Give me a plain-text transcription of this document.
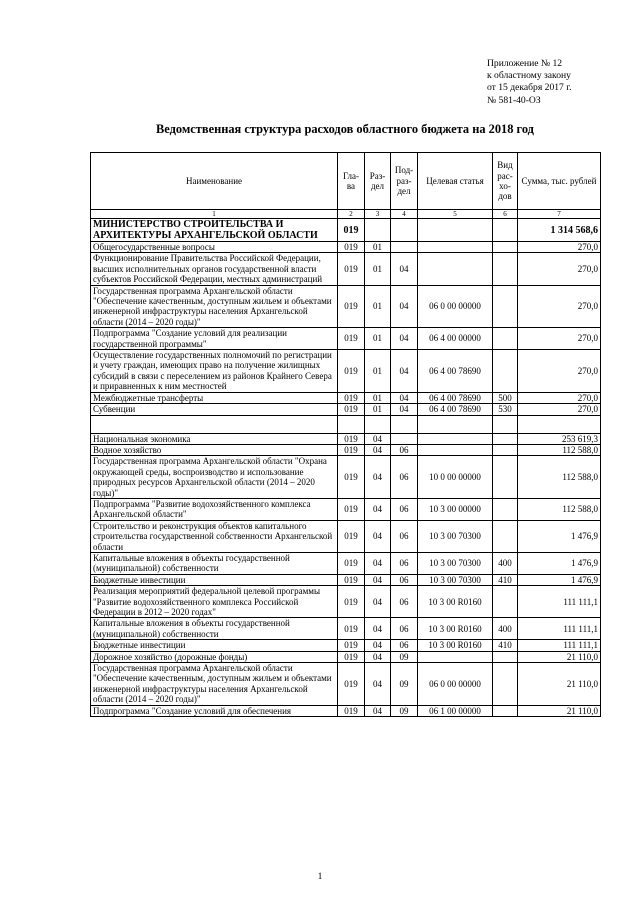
Приложение № 12
к областному закону
от 15 декабря 2017 г.
№ 581-40-ОЗ
Ведомственная структура расходов областного бюджета на 2018 год
Наименование	Гла-ва	Раз-дел	Под-раз-дел	Целевая статья	Вид рас-хо-дов	Сумма, тыс. рублей
1	2	3	4	5	6	7
МИНИСТЕРСТВО СТРОИТЕЛЬСТВА И АРХИТЕКТУРЫ АРХАНГЕЛЬСКОЙ ОБЛАСТИ	019					1 314 568,6
Общегосударственные вопросы	019	01				270,0
Функционирование Правительства Российской Федерации, высших исполнительных органов государственной власти субъектов Российской Федерации, местных администраций	019	01	04			270,0
Государственная программа Архангельской области "Обеспечение качественным, доступным жильем и объектами инженерной инфраструктуры населения Архангельской области (2014 – 2020 годы)"	019	01	04	06 0 00 00000		270,0
Подпрограмма "Создание условий для реализации государственной программы"	019	01	04	06 4 00 00000		270,0
Осуществление государственных полномочий по регистрации и учету граждан, имеющих право на получение жилищных субсидий в связи с переселением из районов Крайнего Севера и приравненных к ним местностей	019	01	04	06 4 00 78690		270,0
Межбюджетные трансферты	019	01	04	06 4 00 78690	500	270,0
Субвенции	019	01	04	06 4 00 78690	530	270,0

Национальная экономика	019	04				253 619,3
Водное хозяйство	019	04	06			112 588,0
Государственная программа Архангельской области "Охрана окружающей среды, воспроизводство и использование природных ресурсов Архангельской области (2014 – 2020 годы)"	019	04	06	10 0 00 00000		112 588,0
Подпрограмма "Развитие водохозяйственного комплекса Архангельской области"	019	04	06	10 3 00 00000		112 588,0
Строительство и реконструкция объектов капитального строительства государственной собственности Архангельской области	019	04	06	10 3 00 70300		1 476,9
Капитальные вложения в объекты государственной (муниципальной) собственности	019	04	06	10 3 00 70300	400	1 476,9
Бюджетные инвестиции	019	04	06	10 3 00 70300	410	1 476,9
Реализация мероприятий федеральной целевой программы "Развитие водохозяйственного комплекса Российской Федерации в 2012 – 2020 годах"	019	04	06	10 3 00 R0160		111 111,1
Капитальные вложения в объекты государственной (муниципальной) собственности	019	04	06	10 3 00 R0160	400	111 111,1
Бюджетные инвестиции	019	04	06	10 3 00 R0160	410	111 111,1
Дорожное хозяйство (дорожные фонды)	019	04	09			21 110,0
Государственная программа Архангельской области "Обеспечение качественным, доступным жильем и объектами инженерной инфраструктуры населения Архангельской области (2014 – 2020 годы)"	019	04	09	06 0 00 00000		21 110,0
Подпрограмма "Создание условий для обеспечения	019	04	09	06 1 00 00000		21 110,0
1
